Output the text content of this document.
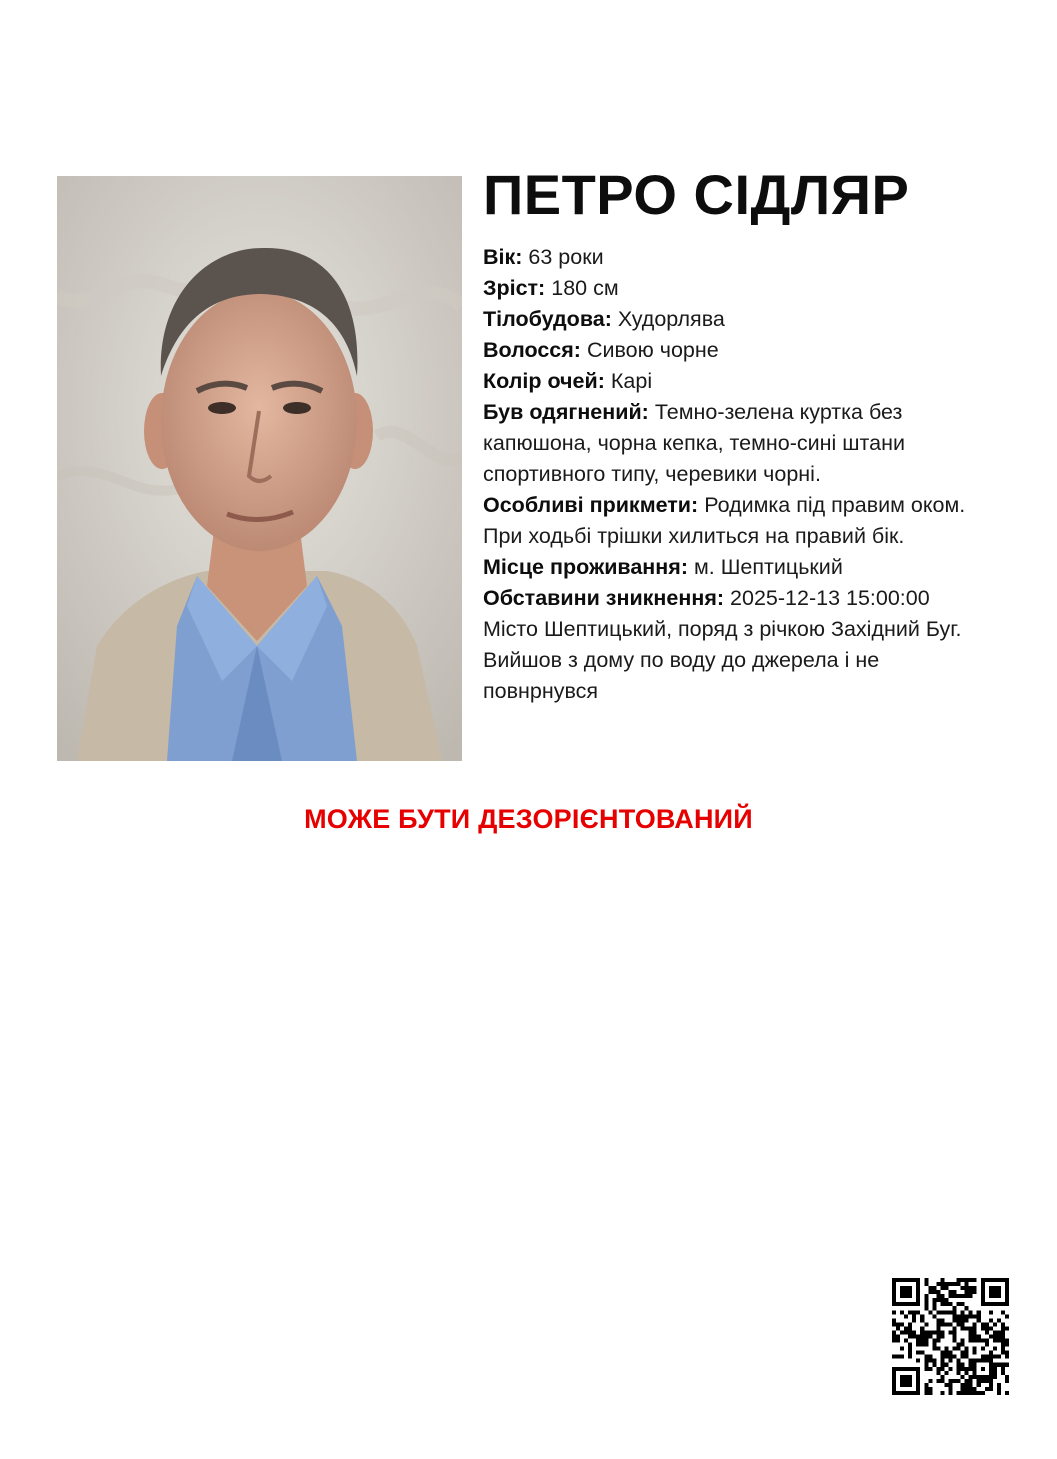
ПЕТРО СІДЛЯР

Вік: 63 роки

Зріст: 180 см

Тілобудова: Худорлява

Волосся: Сивою чорне

Колір очей: Карі

Був одягнений: Темно-зелена куртка без капюшона, чорна кепка, темно-сині штани спортивного типу, черевики чорні.

Особливі прикмети: Родимка під правим оком. При ходьбі трішки хилиться на правий бік.

Місце проживання: м. Шептицький

Обставини зникнення: 2025-12-13 15:00:00 Місто Шептицький, поряд з річкою Західний Буг. Вийшов з дому по воду до джерела і не повнрнувся

МОЖЕ БУТИ ДЕЗОРІЄНТОВАНИЙ
